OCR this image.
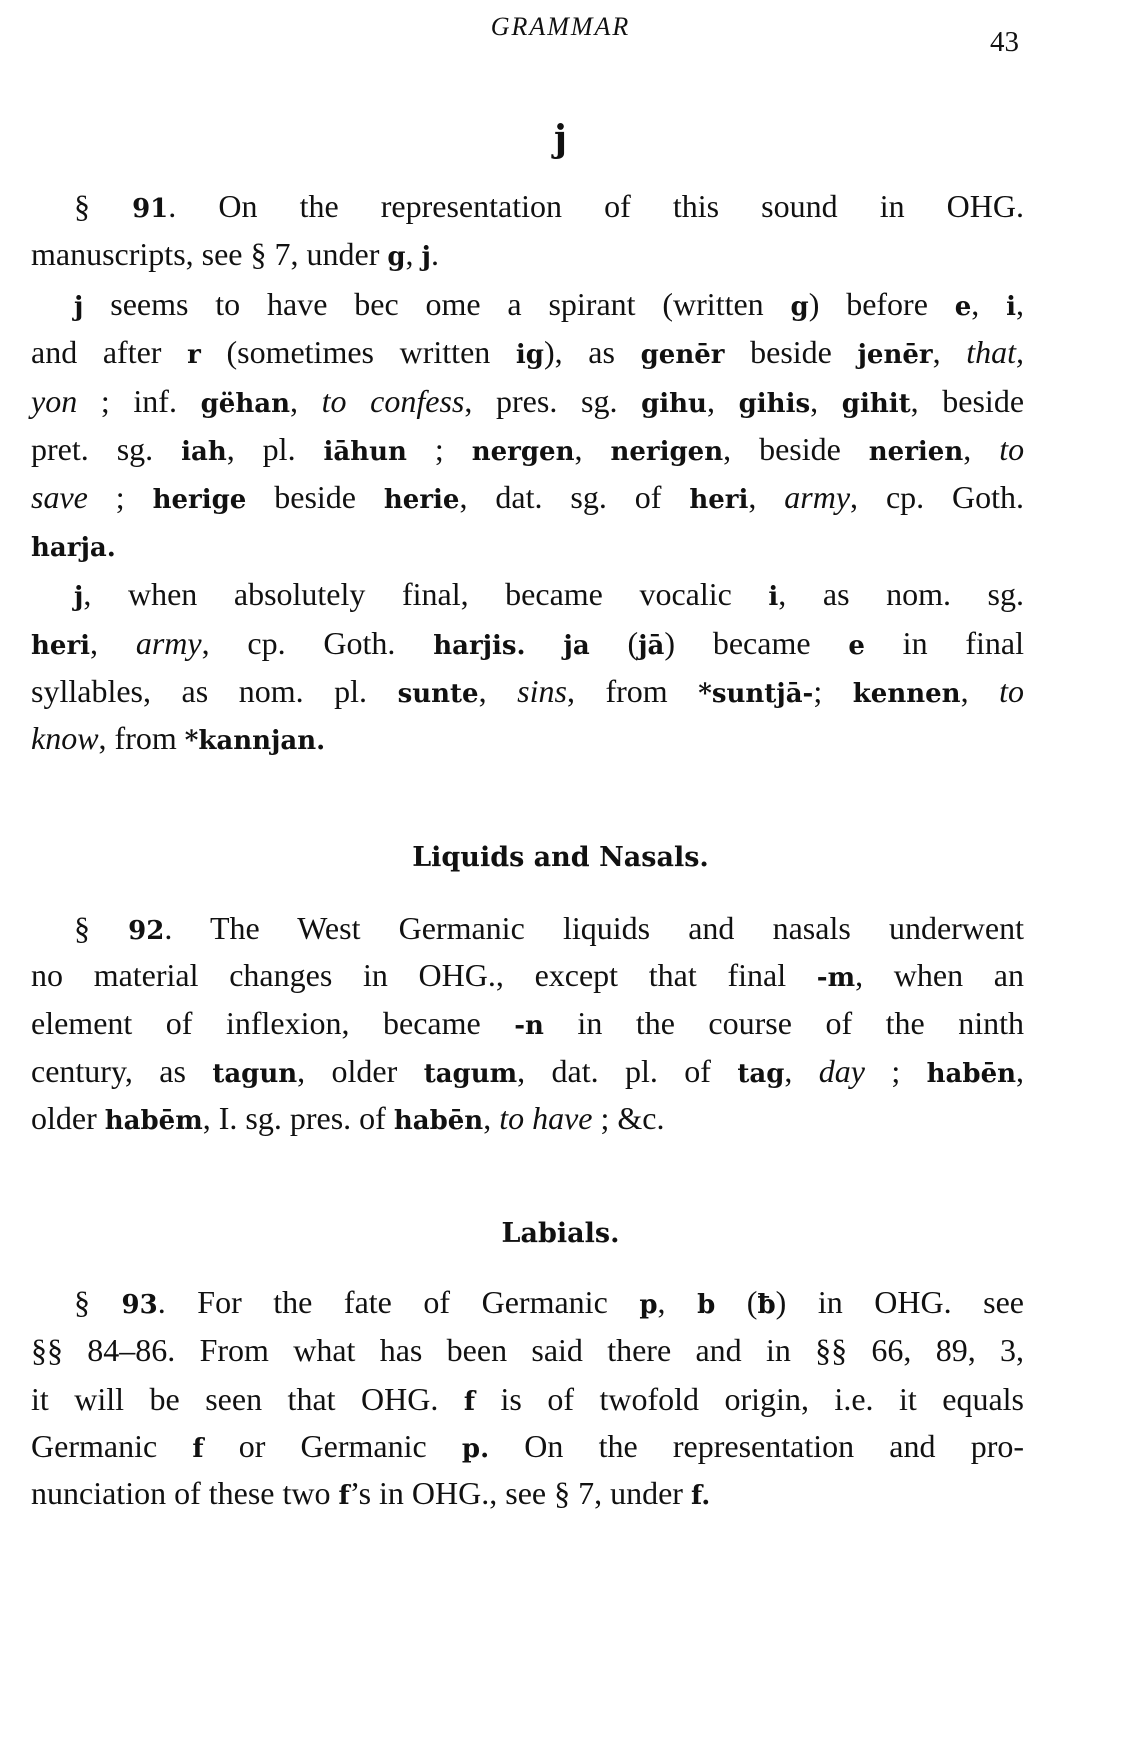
GRAMMAR	43
j
§ 91. On the representation of this sound in OHG.
manuscripts, see § 7, under g, j.
j seems to have bec ome a spirant (written g) before e, i,
and after r (sometimes written ig), as genēr beside jenēr, that,
yon ; inf. gëhan, to confess, pres. sg. gihu, gihis, gihit, beside
pret. sg. iah, pl. iāhun ; nergen, nerigen, beside nerien, to
save ; herige beside herie, dat. sg. of heri, army, cp. Goth.
harja.
j, when absolutely final, became vocalic i, as nom. sg.
heri, army, cp. Goth. harjis. ja (jā) became e in final
syllables, as nom. pl. sunte, sins, from *suntjā-; kennen, to
know, from *kannjan.
Liquids and Nasals.
§ 92. The West Germanic liquids and nasals underwent
no material changes in OHG., except that final -m, when an
element of inflexion, became -n in the course of the ninth
century, as tagun, older tagum, dat. pl. of tag, day ; habēn,
older habēm, I. sg. pres. of habēn, to have ; &c.
Labials.
§ 93. For the fate of Germanic p, b (ƀ) in OHG. see
§§ 84–86. From what has been said there and in §§ 66, 89, 3,
it will be seen that OHG. f is of twofold origin, i.e. it equals
Germanic f or Germanic p. On the representation and pro-
nunciation of these two f’s in OHG., see § 7, under f.
